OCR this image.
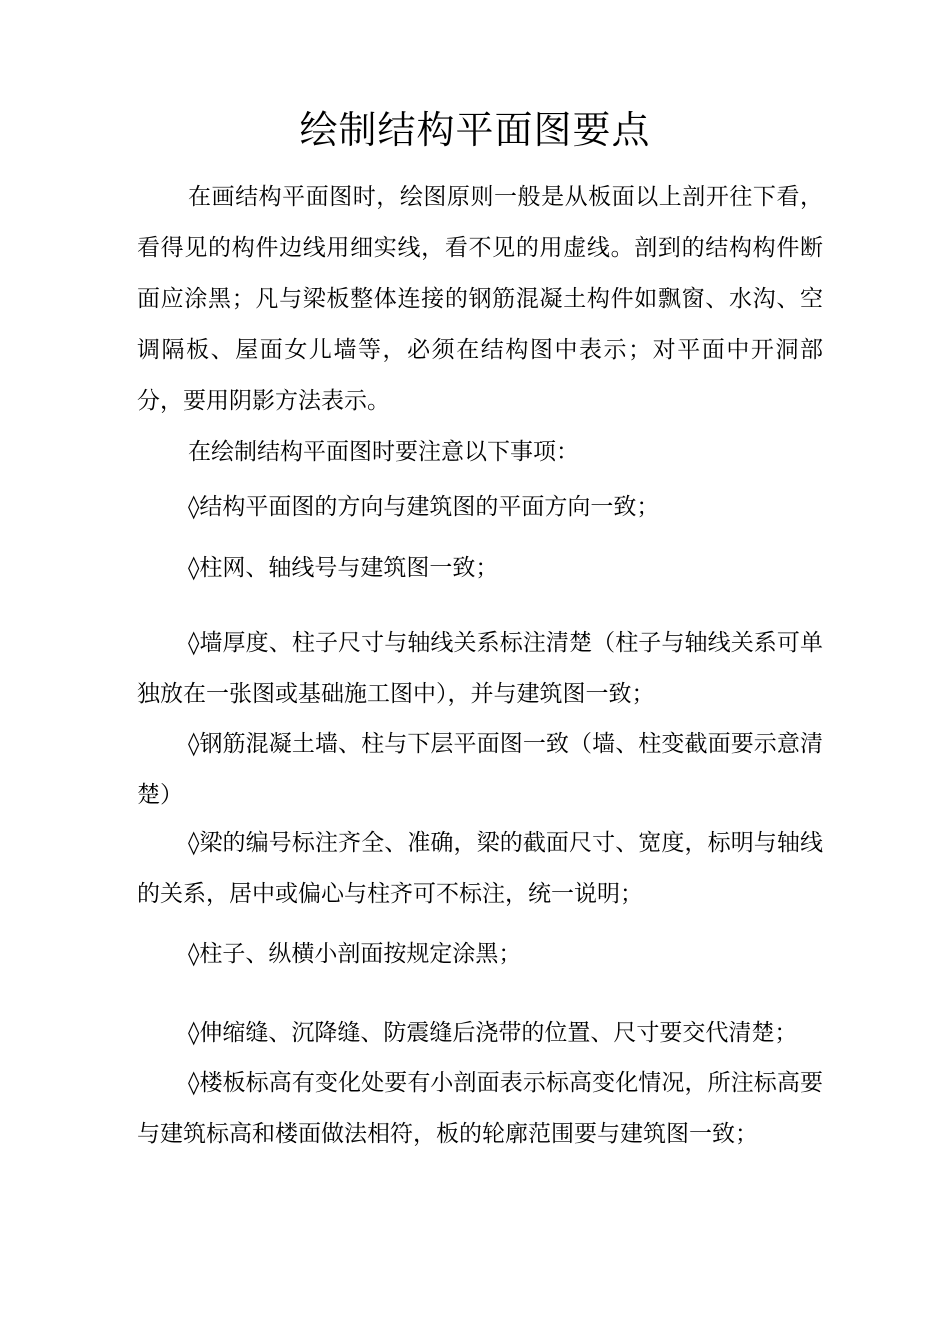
绘制结构平面图要点

在画结构平面图时，绘图原则一般是从板面以上剖开往下看，看得见的构件边线用细实线，看不见的用虚线。剖到的结构构件断面应涂黑；凡与梁板整体连接的钢筋混凝土构件如飘窗、水沟、空调隔板、屋面女儿墙等，必须在结构图中表示；对平面中开洞部分，要用阴影方法表示。

在绘制结构平面图时要注意以下事项：

◊结构平面图的方向与建筑图的平面方向一致；

◊柱网、轴线号与建筑图一致；

◊墙厚度、柱子尺寸与轴线关系标注清楚（柱子与轴线关系可单独放在一张图或基础施工图中），并与建筑图一致；

◊钢筋混凝土墙、柱与下层平面图一致（墙、柱变截面要示意清楚）

◊梁的编号标注齐全、准确，梁的截面尺寸、宽度，标明与轴线的关系，居中或偏心与柱齐可不标注，统一说明；

◊柱子、纵横小剖面按规定涂黑；

◊伸缩缝、沉降缝、防震缝后浇带的位置、尺寸要交代清楚；

◊楼板标高有变化处要有小剖面表示标高变化情况，所注标高要与建筑标高和楼面做法相符，板的轮廓范围要与建筑图一致；
